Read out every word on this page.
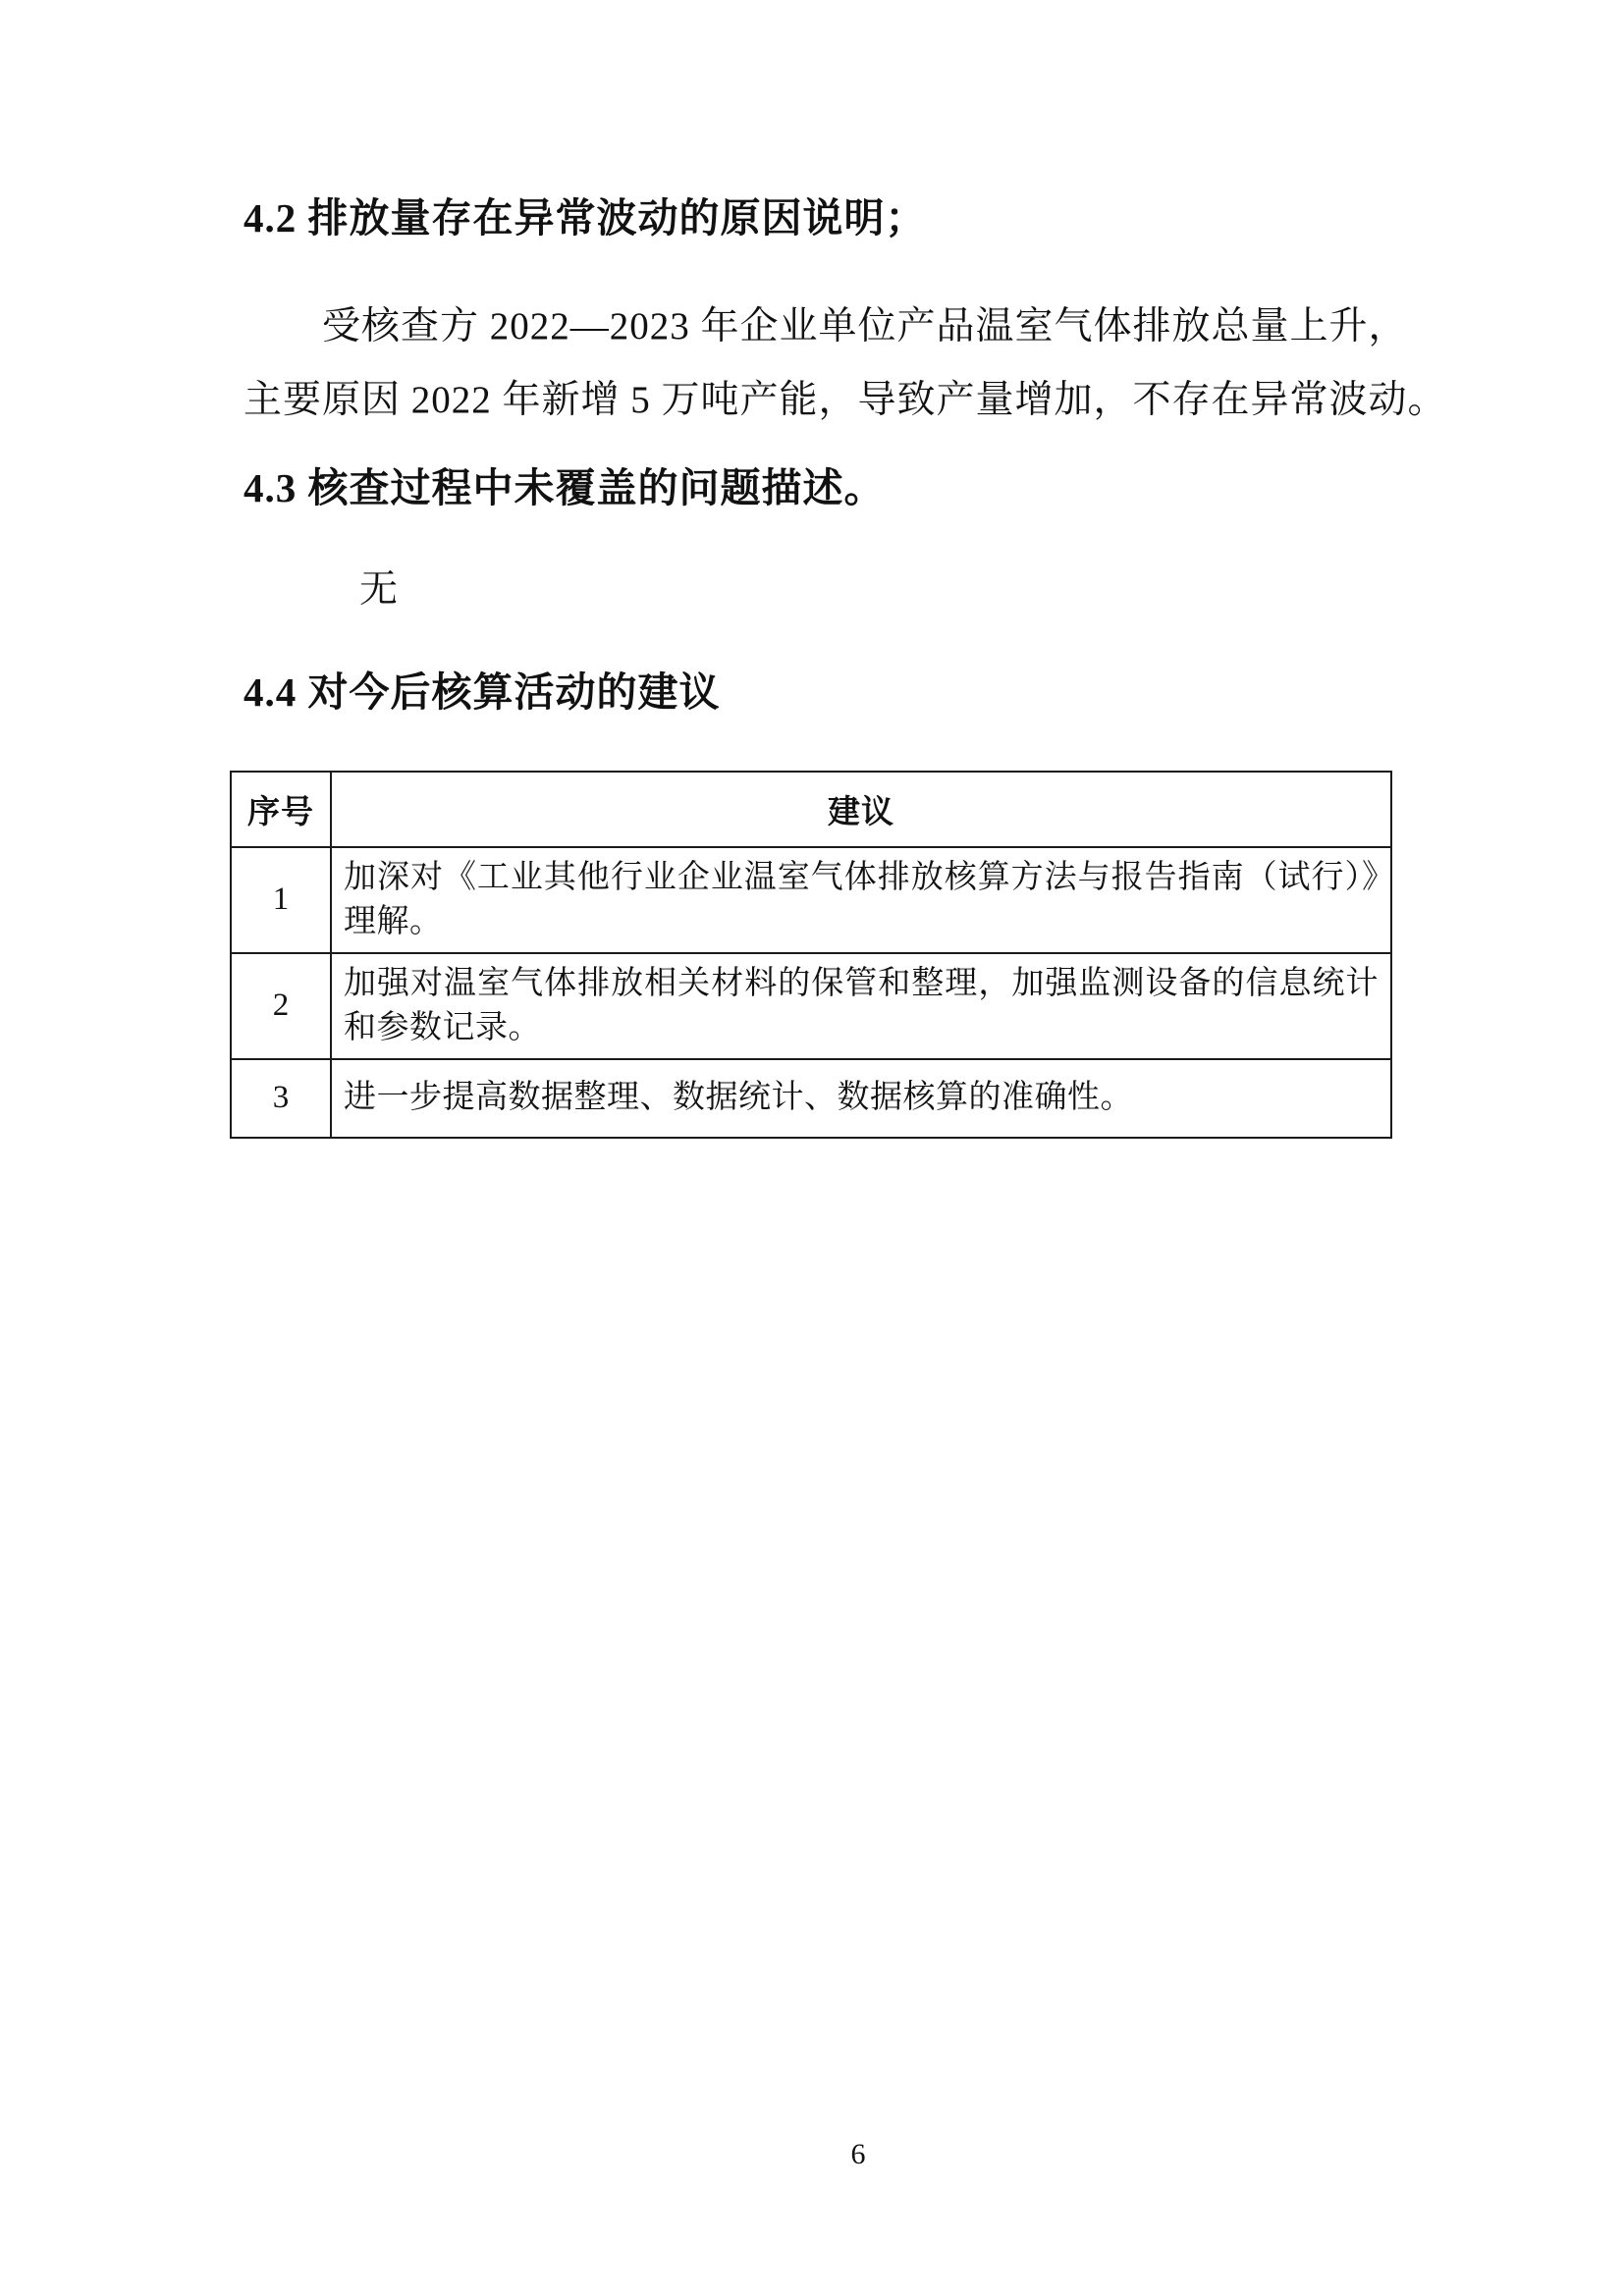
4.2 排放量存在异常波动的原因说明；
受核查方 2022—2023 年企业单位产品温室气体排放总量上升，
主要原因 2022 年新增 5 万吨产能，导致产量增加，不存在异常波动。
4.3 核查过程中未覆盖的问题描述。
无
4.4 对今后核算活动的建议
序号	建议
1	加深对《工业其他行业企业温室气体排放核算方法与报告指南（试行）》理解。
2	加强对温室气体排放相关材料的保管和整理，加强监测设备的信息统计和参数记录。
3	进一步提高数据整理、数据统计、数据核算的准确性。
6
